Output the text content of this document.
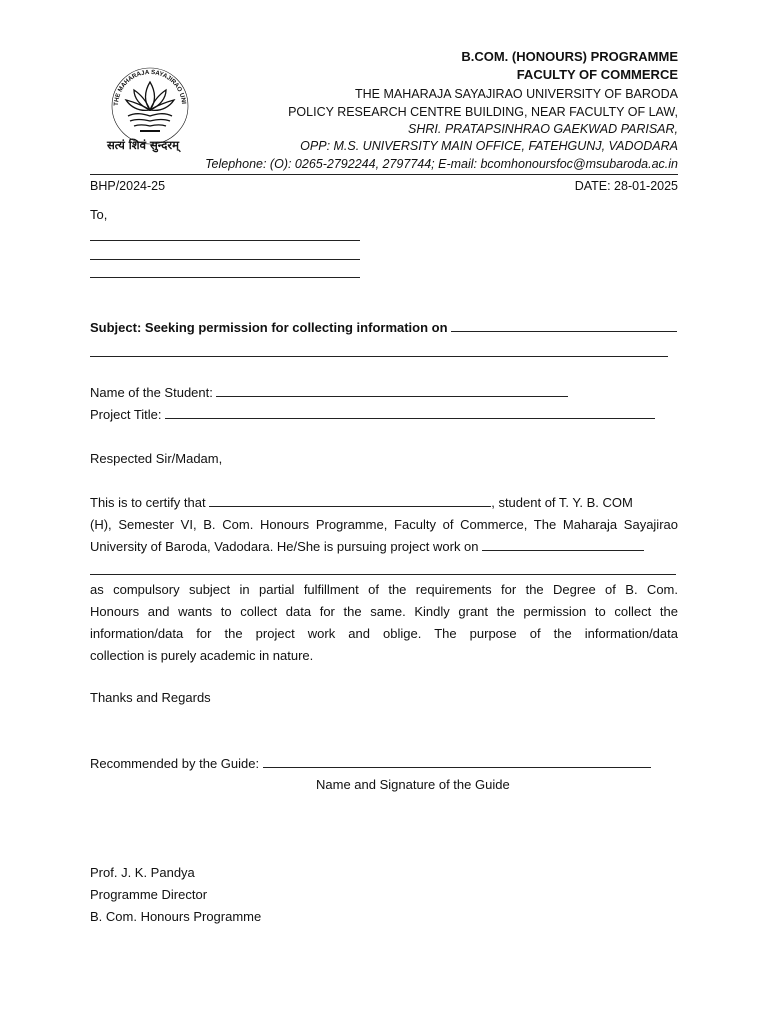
THE MAHARAJA SAYAJIRAO UNI
सत्यं शिवं सुन्दरम्
B.COM. (HONOURS) PROGRAMME
FACULTY OF COMMERCE
THE MAHARAJA SAYAJIRAO UNIVERSITY OF BARODA
POLICY RESEARCH CENTRE BUILDING, NEAR FACULTY OF LAW,
SHRI. PRATAPSINHRAO GAEKWAD PARISAR,
OPP: M.S. UNIVERSITY MAIN OFFICE, FATEHGUNJ, VADODARA
Telephone: (O): 0265-2792244, 2797744; E-mail: bcomhonoursfoc@msubaroda.ac.in
BHP/2024-25	DATE: 28-01-2025
To,
Subject: Seeking permission for collecting information on
Name of the Student:
Project Title:
Respected Sir/Madam,
This is to certify that	, student of T. Y. B. COM
(H), Semester VI, B. Com. Honours Programme, Faculty of Commerce, The Maharaja Sayajirao
University of Baroda, Vadodara. He/She is pursuing project work on
as compulsory subject in partial fulfillment of the requirements for the Degree of B. Com.
Honours and wants to collect data for the same. Kindly grant the permission to collect the
information/data for the project work and oblige. The purpose of the information/data
collection is purely academic in nature.
Thanks and Regards
Recommended by the Guide:
Name and Signature of the Guide
Prof. J. K. Pandya
Programme Director
B. Com. Honours Programme
